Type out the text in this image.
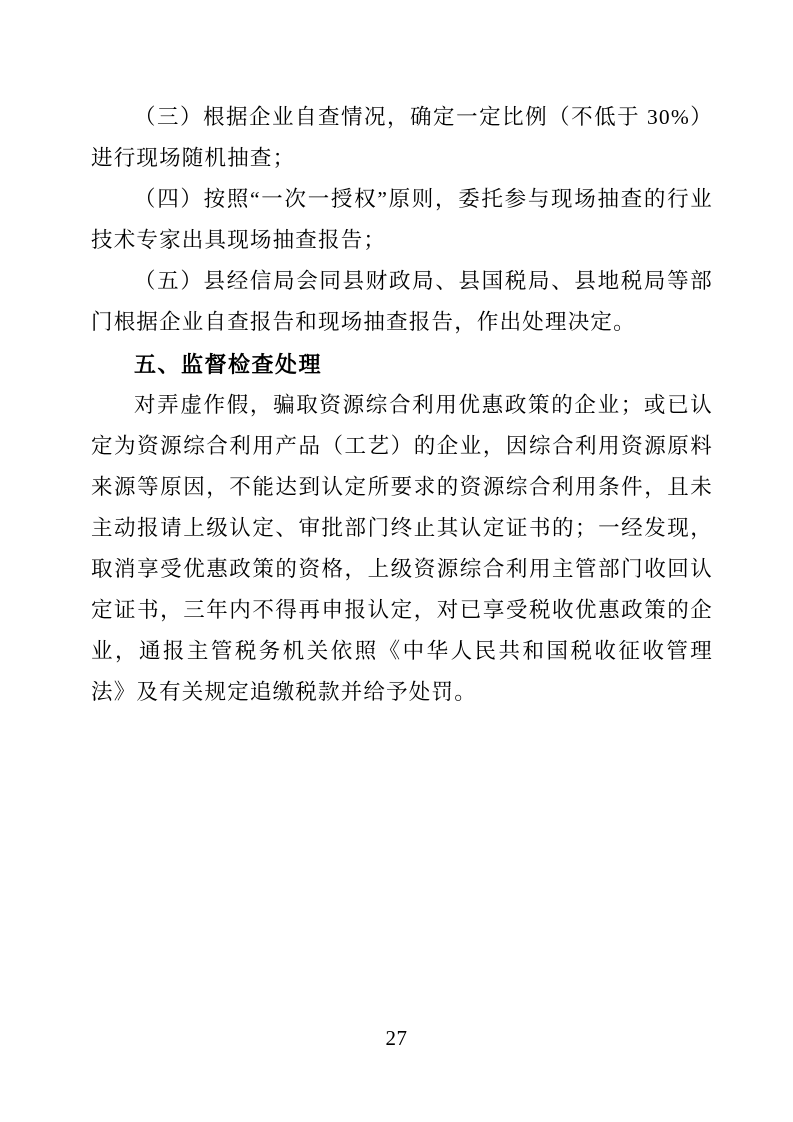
（三）根据企业自查情况，确定一定比例（不低于 30%）进行现场随机抽查；

（四）按照“一次一授权”原则，委托参与现场抽查的行业技术专家出具现场抽查报告；

（五）县经信局会同县财政局、县国税局、县地税局等部门根据企业自查报告和现场抽查报告，作出处理决定。

五、监督检查处理

对弄虚作假，骗取资源综合利用优惠政策的企业；或已认定为资源综合利用产品（工艺）的企业，因综合利用资源原料来源等原因，不能达到认定所要求的资源综合利用条件，且未主动报请上级认定、审批部门终止其认定证书的；一经发现，取消享受优惠政策的资格，上级资源综合利用主管部门收回认定证书，三年内不得再申报认定，对已享受税收优惠政策的企业，通报主管税务机关依照《中华人民共和国税收征收管理法》及有关规定追缴税款并给予处罚。

27
